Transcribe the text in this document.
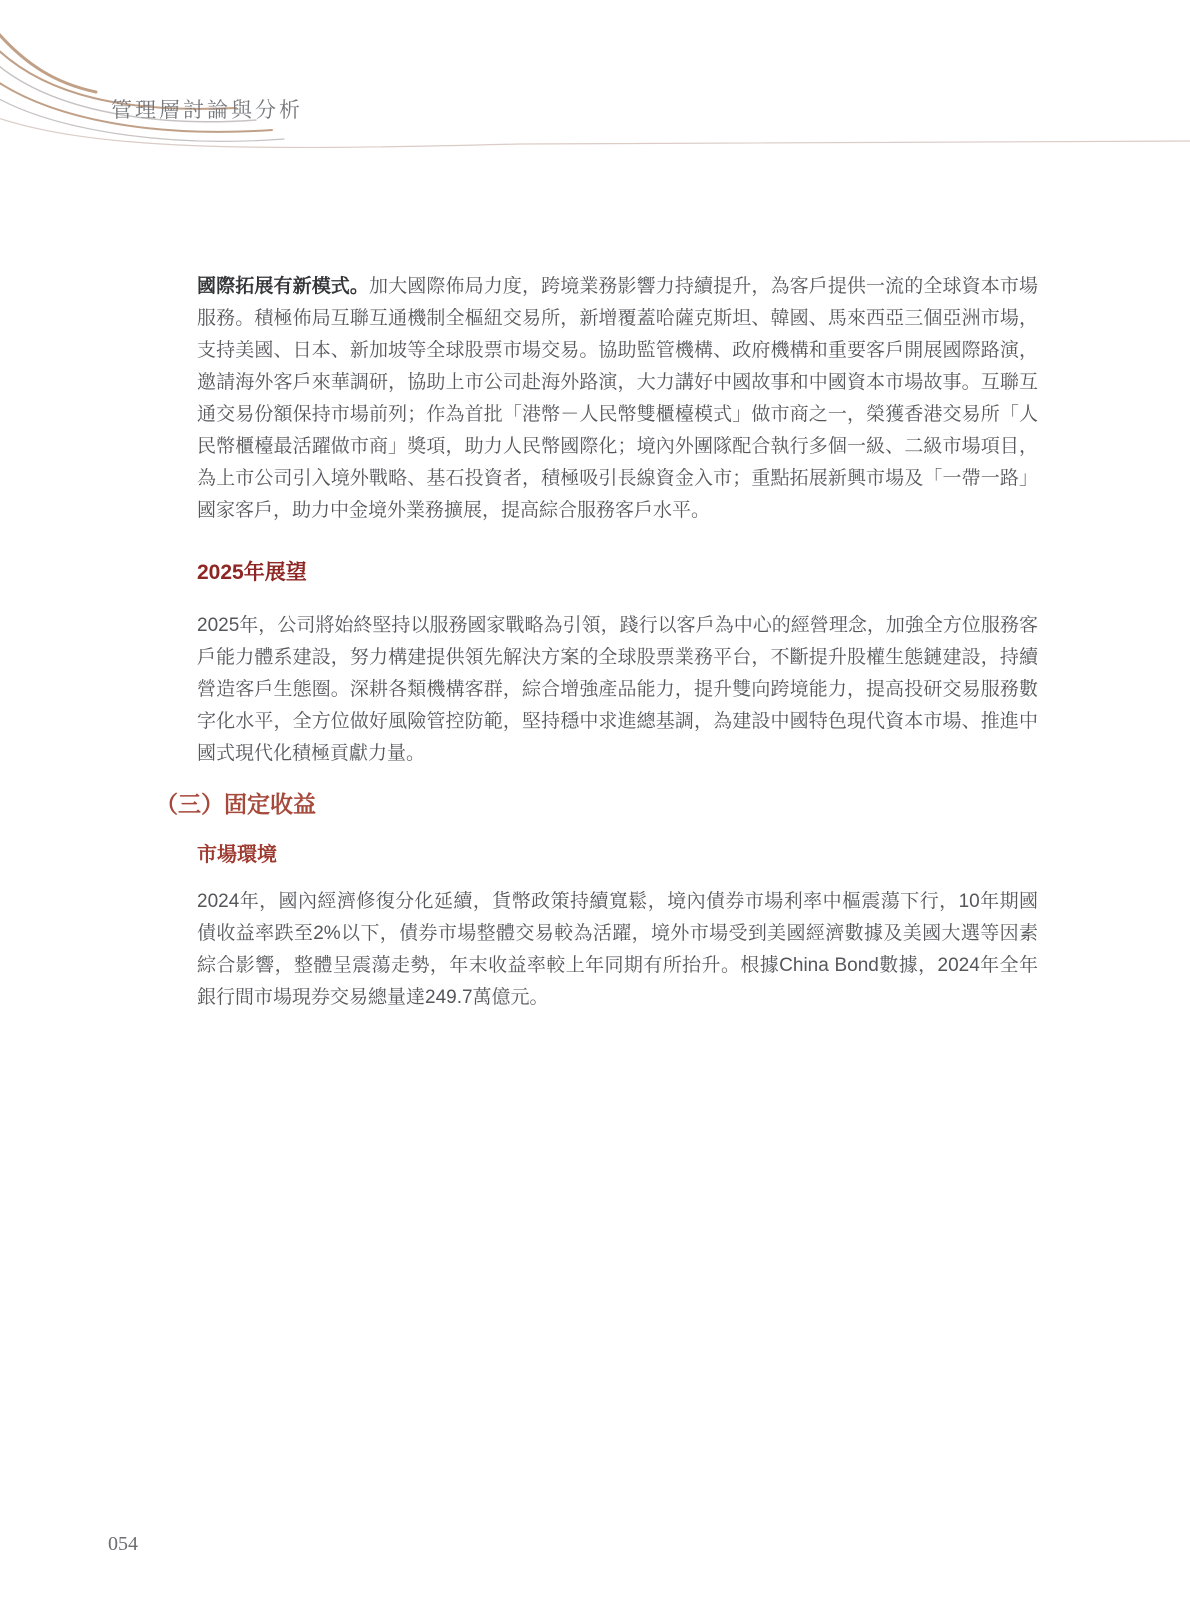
管理層討論與分析

國際拓展有新模式。加大國際佈局力度，跨境業務影響力持續提升，為客戶提供一流的全球資本市場服務。積極佈局互聯互通機制全樞紐交易所，新增覆蓋哈薩克斯坦、韓國、馬來西亞三個亞洲市場，支持美國、日本、新加坡等全球股票市場交易。協助監管機構、政府機構和重要客戶開展國際路演，邀請海外客戶來華調研，協助上市公司赴海外路演，大力講好中國故事和中國資本市場故事。互聯互通交易份額保持市場前列；作為首批「港幣－人民幣雙櫃檯模式」做市商之一，榮獲香港交易所「人民幣櫃檯最活躍做市商」獎項，助力人民幣國際化；境內外團隊配合執行多個一級、二級市場項目，為上市公司引入境外戰略、基石投資者，積極吸引長線資金入市；重點拓展新興市場及「一帶一路」國家客戶，助力中金境外業務擴展，提高綜合服務客戶水平。

2025年展望

2025年，公司將始終堅持以服務國家戰略為引領，踐行以客戶為中心的經營理念，加強全方位服務客戶能力體系建設，努力構建提供領先解決方案的全球股票業務平台，不斷提升股權生態鏈建設，持續營造客戶生態圈。深耕各類機構客群，綜合增強產品能力，提升雙向跨境能力，提高投研交易服務數字化水平，全方位做好風險管控防範，堅持穩中求進總基調，為建設中國特色現代資本市場、推進中國式現代化積極貢獻力量。

（三）固定收益
市場環境

2024年，國內經濟修復分化延續，貨幣政策持續寬鬆，境內債券市場利率中樞震蕩下行，10年期國債收益率跌至2%以下，債券市場整體交易較為活躍，境外市場受到美國經濟數據及美國大選等因素綜合影響，整體呈震蕩走勢，年末收益率較上年同期有所抬升。根據China Bond數據，2024年全年銀行間市場現券交易總量達249.7萬億元。

054
